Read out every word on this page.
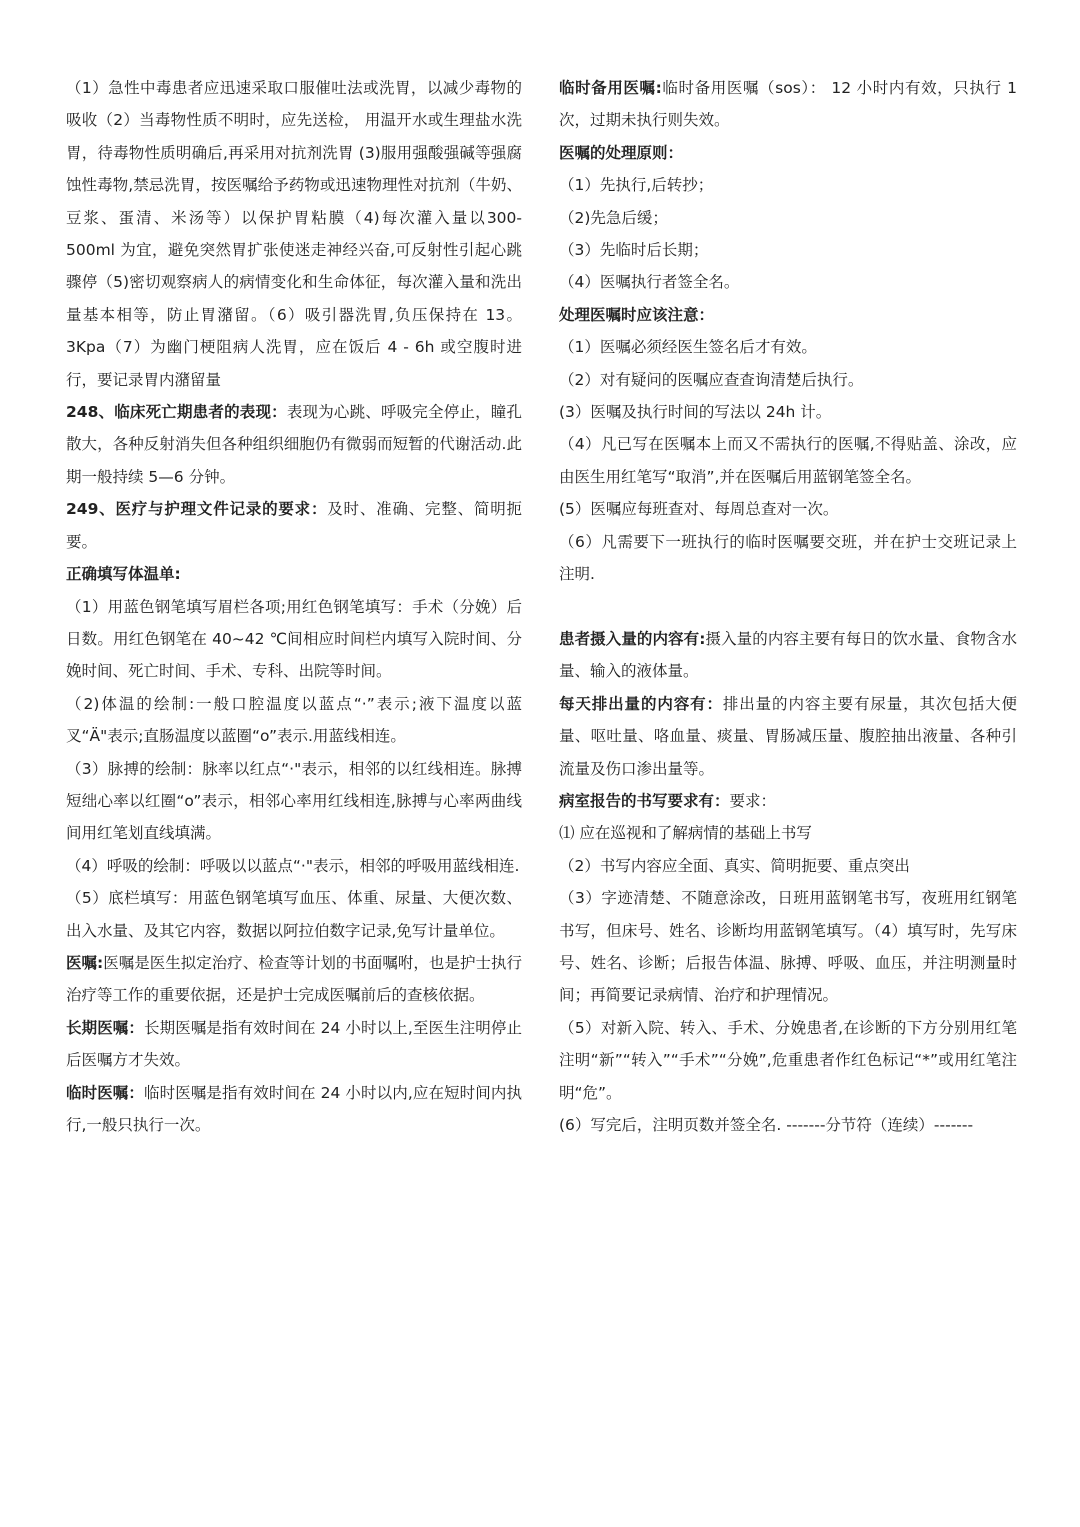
（1）急性中毒患者应迅速采取口服催吐法或洗胃，以减少毒物的吸收（2）当毒物性质不明时，应先送检， 用温开水或生理盐水洗胃，待毒物性质明确后,再采用对抗剂洗胃 (3)服用强酸强碱等强腐蚀性毒物,禁忌洗胃，按医嘱给予药物或迅速物理性对抗剂（牛奶、豆浆、蛋清、米汤等）以保护胃粘膜（4)每次灌入量以300-500ml 为宜，避免突然胃扩张使迷走神经兴奋,可反射性引起心跳骤停（5)密切观察病人的病情变化和生命体征，每次灌入量和洗出量基本相等，防止胃潴留。（6）吸引器洗胃,负压保持在 13。3Kpa（7）为幽门梗阻病人洗胃，应在饭后 4 - 6h 或空腹时进行，要记录胃内潴留量

248、临床死亡期患者的表现：表现为心跳、呼吸完全停止，瞳孔散大，各种反射消失但各种组织细胞仍有微弱而短暂的代谢活动.此期一般持续 5—6 分钟。

249、医疗与护理文件记录的要求：及时、准确、完整、简明扼要。

正确填写体温单:

（1）用蓝色钢笔填写眉栏各项;用红色钢笔填写：手术（分娩）后日数。用红色钢笔在 40~42 ℃间相应时间栏内填写入院时间、分娩时间、死亡时间、手术、专科、出院等时间。

（2)体温的绘制:一般口腔温度以蓝点“·”表示;液下温度以蓝叉“Ä"表示;直肠温度以蓝圈“o”表示.用蓝线相连。

（3）脉搏的绘制：脉率以红点“·"表示，相邻的以红线相连。脉搏短绌心率以红圈“o”表示，相邻心率用红线相连,脉搏与心率两曲线间用红笔划直线填满。

（4）呼吸的绘制：呼吸以以蓝点“·"表示，相邻的呼吸用蓝线相连.

（5）底栏填写：用蓝色钢笔填写血压、体重、尿量、大便次数、出入水量、及其它内容，数据以阿拉伯数字记录,免写计量单位。

医嘱:医嘱是医生拟定治疗、检查等计划的书面嘱咐，也是护士执行治疗等工作的重要依据，还是护士完成医嘱前后的查核依据。

长期医嘱：长期医嘱是指有效时间在 24 小时以上,至医生注明停止后医嘱方才失效。

临时医嘱：临时医嘱是指有效时间在 24 小时以内,应在短时间内执行,一般只执行一次。

临时备用医嘱:临时备用医嘱（sos）： 12 小时内有效，只执行 1 次，过期未执行则失效。

医嘱的处理原则：

（1）先执行,后转抄；

（2)先急后缓；

（3）先临时后长期；

（4）医嘱执行者签全名。

处理医嘱时应该注意：

（1）医嘱必须经医生签名后才有效。

（2）对有疑问的医嘱应查查询清楚后执行。

(3）医嘱及执行时间的写法以 24h 计。

（4）凡已写在医嘱本上而又不需执行的医嘱,不得贴盖、涂改，应由医生用红笔写“取消”,并在医嘱后用蓝钢笔签全名。

(5）医嘱应每班查对、每周总查对一次。

（6）凡需要下一班执行的临时医嘱要交班，并在护士交班记录上注明.

患者摄入量的内容有:摄入量的内容主要有每日的饮水量、食物含水量、输入的液体量。

每天排出量的内容有：排出量的内容主要有尿量，其次包括大便量、呕吐量、咯血量、痰量、胃肠减压量、腹腔抽出液量、各种引流量及伤口渗出量等。

病室报告的书写要求有：要求：

⑴ 应在巡视和了解病情的基础上书写

（2）书写内容应全面、真实、简明扼要、重点突出

（3）字迹清楚、不随意涂改，日班用蓝钢笔书写，夜班用红钢笔书写，但床号、姓名、诊断均用蓝钢笔填写。（4）填写时，先写床号、姓名、诊断；后报告体温、脉搏、呼吸、血压，并注明测量时间；再简要记录病情、治疗和护理情况。

（5）对新入院、转入、手术、分娩患者,在诊断的下方分别用红笔注明“新”“转入”“手术”“分娩”,危重患者作红色标记“*”或用红笔注明“危”。

(6）写完后，注明页数并签全名. -------分节符（连续）-------
